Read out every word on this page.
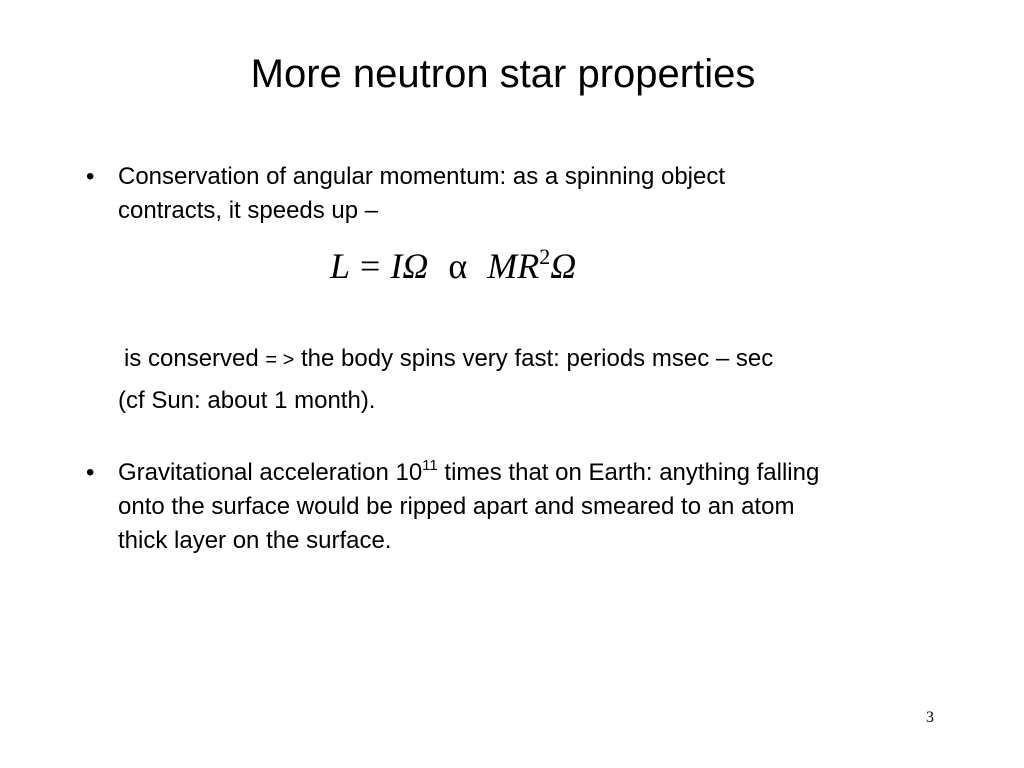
More neutron star properties
• Conservation of angular momentum: as a spinning object
contracts, it speeds up –
L = IΩ α $MR^2\Omega$
is conserved = > the body spins very fast: periods msec – sec
(cf Sun: about 1 month).
• Gravitational acceleration $10^{11}$ times that on Earth: anything falling
onto the surface would be ripped apart and smeared to an atom
thick layer on the surface.
3
